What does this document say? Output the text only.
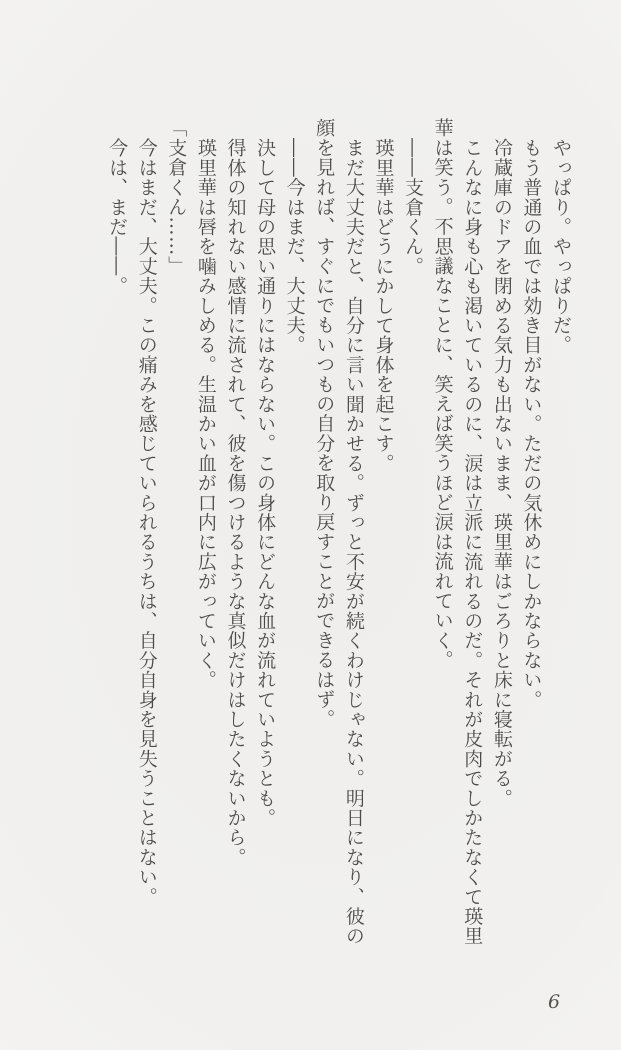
やっぱり。やっぱりだ。

もう普通の血では効き目がない。ただの気休めにしかならない。

冷蔵庫のドアを閉める気力も出ないまま、瑛里華はごろりと床に寝転がる。

こんなに身も心も渇いているのに、涙は立派に流れるのだ。それが皮肉でしかたなくて瑛里華は笑う。不思議なことに、笑えば笑うほど涙は流れていく。

――支倉くん。

瑛里華はどうにかして身体を起こす。

まだ大丈夫だと、自分に言い聞かせる。ずっと不安が続くわけじゃない。明日になり、彼の顔を見れば、すぐにでもいつもの自分を取り戻すことができるはず。

――今はまだ、大丈夫。

決して母の思い通りにはならない。この身体にどんな血が流れていようとも。

得体の知れない感情に流されて、彼を傷つけるような真似だけはしたくないから。

瑛里華は唇を噛みしめる。生温かい血が口内に広がっていく。

「支倉くん……」

今はまだ、大丈夫。この痛みを感じていられるうちは、自分自身を見失うことはない。

今は、まだ――。

6
